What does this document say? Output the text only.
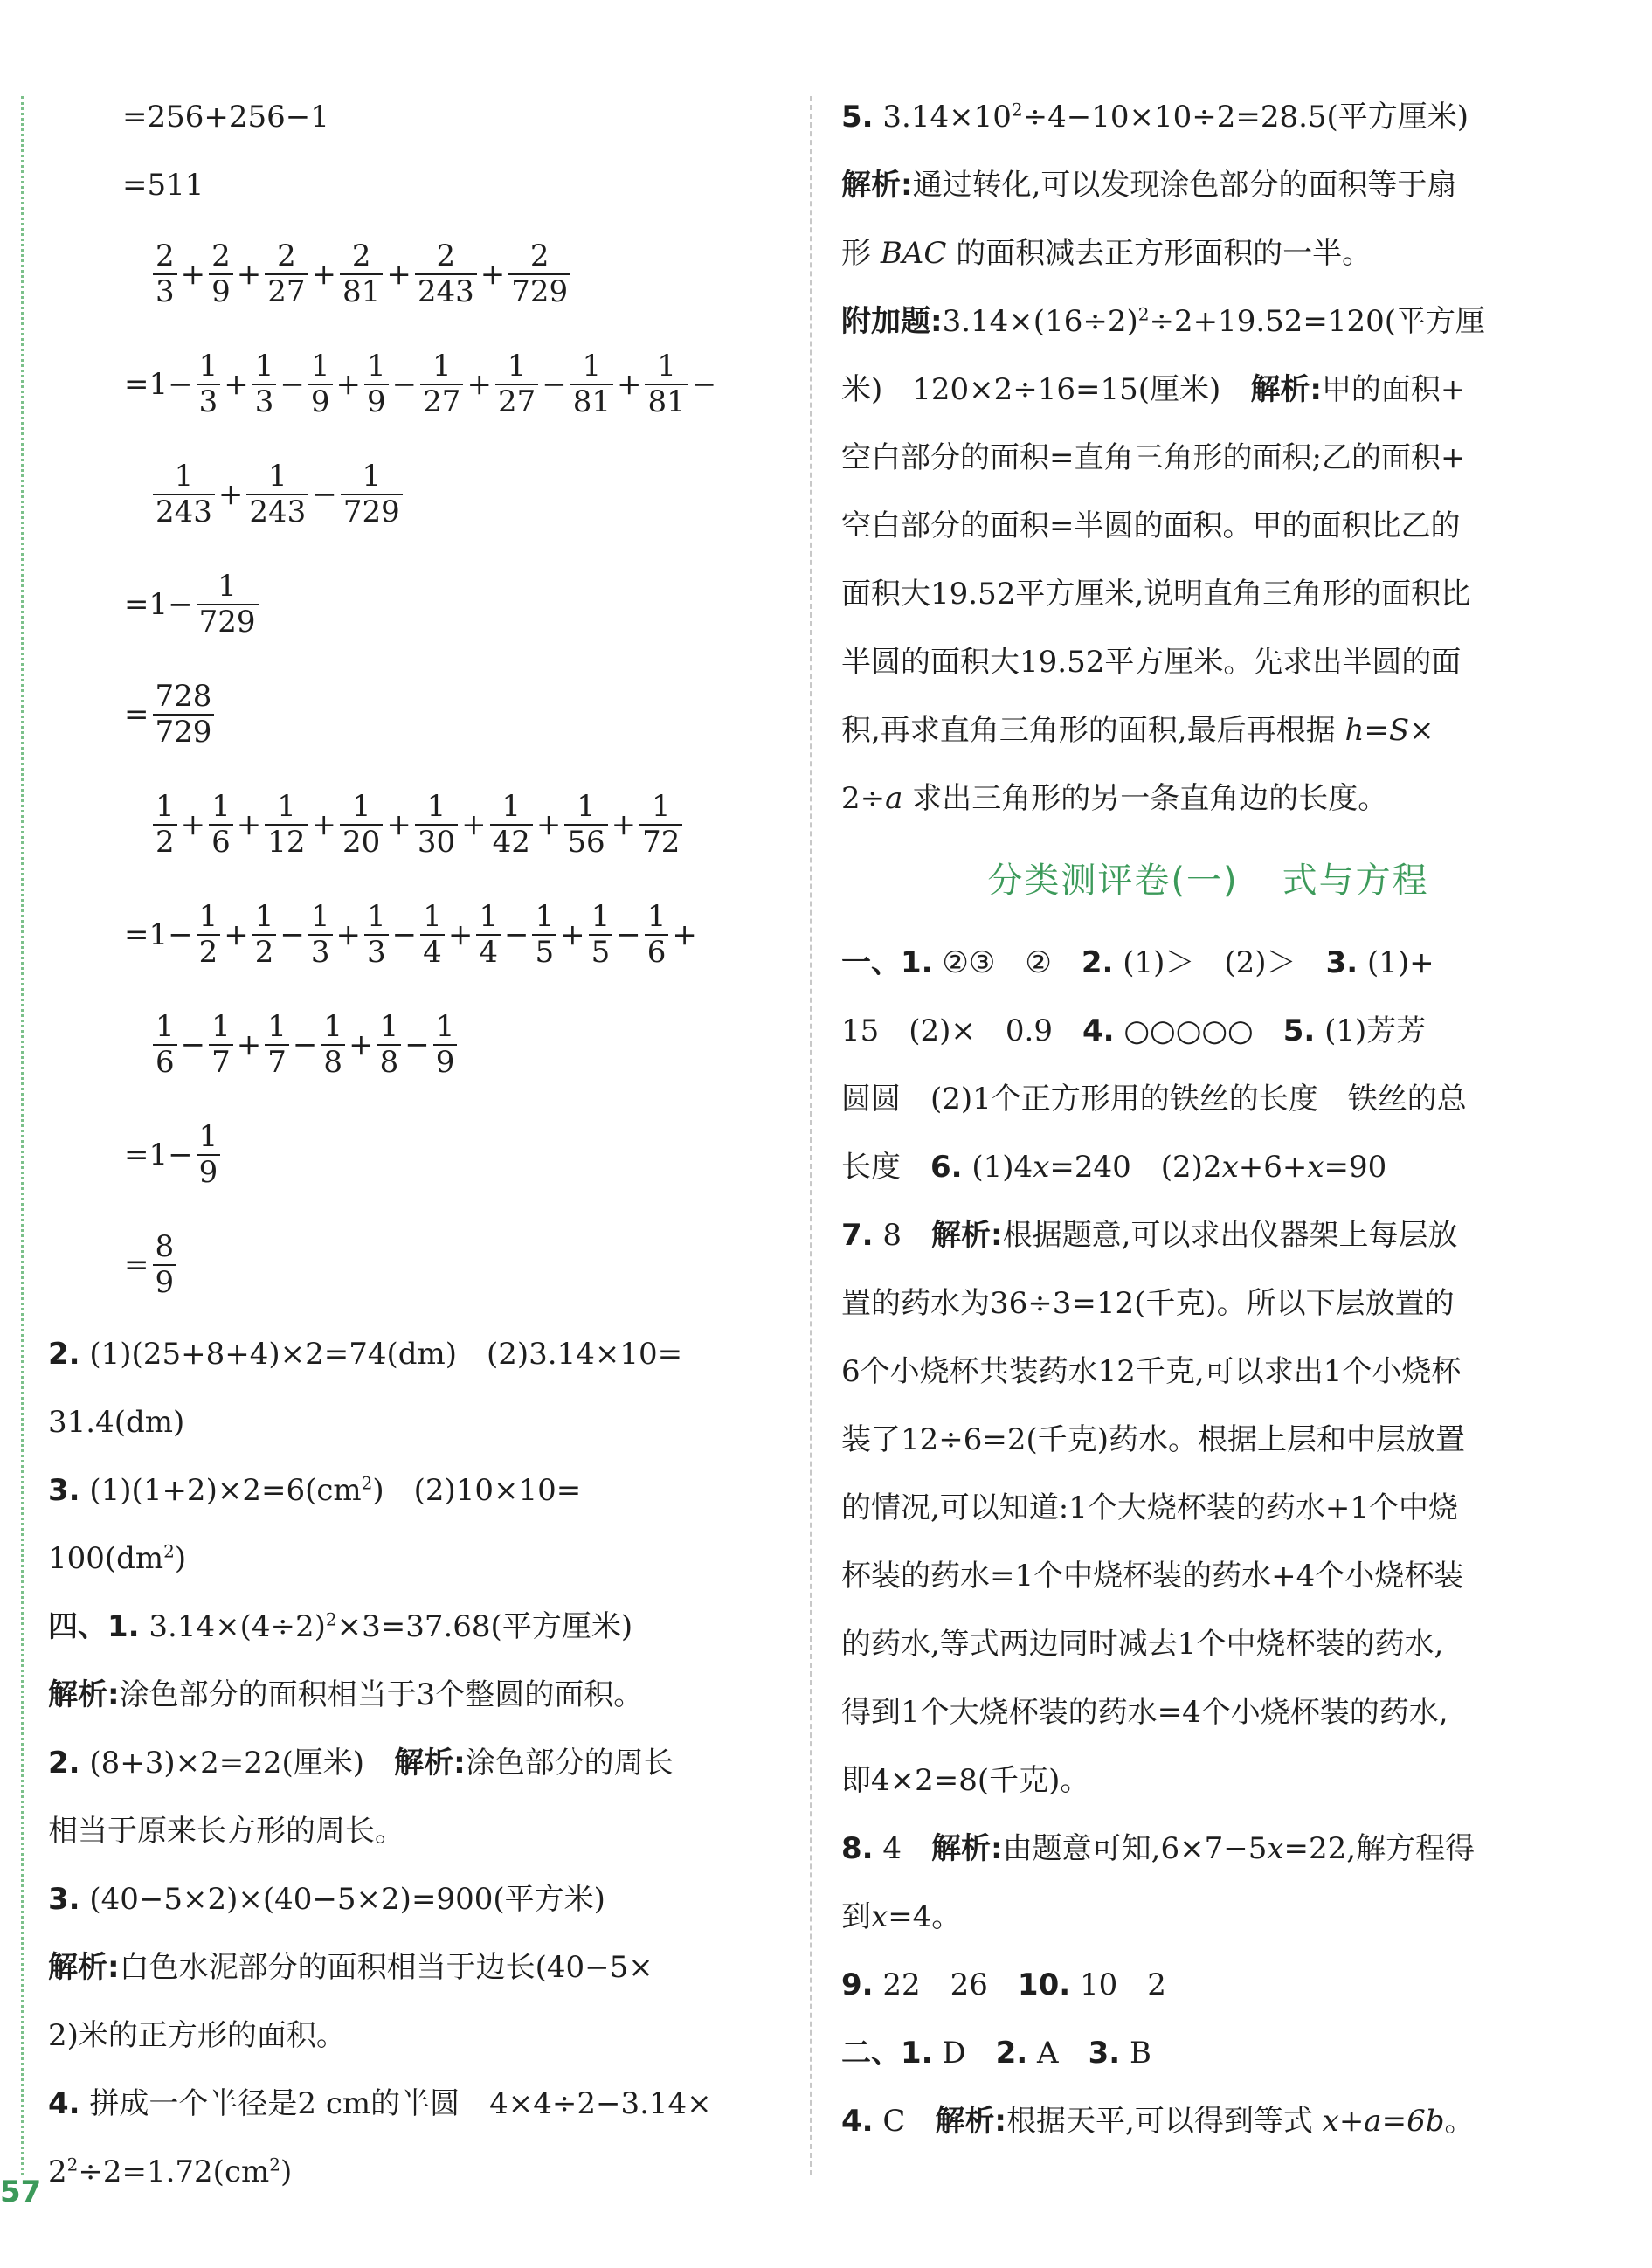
=256+256−1
=511
$\frac{2}{3} + \frac{2}{9} + \frac{2}{27} + \frac{2}{81} + \frac{2}{243} + \frac{2}{729}$
$=1- \frac{1}{3} + \frac{1}{3} - \frac{1}{9} + \frac{1}{9} - \frac{1}{27} + \frac{1}{27} - \frac{1}{81} + \frac{1}{81}$ −
$\frac{1}{243} + \frac{1}{243} - \frac{1}{729}$
$=1- \frac{1}{729}$
= $\frac{728}{729}$
$\frac{1}{2} + \frac{1}{6} + \frac{1}{12} + \frac{1}{20} + \frac{1}{30} + \frac{1}{42} + \frac{1}{56} + \frac{1}{72}$
$=1- \frac{1}{2} + \frac{1}{2} - \frac{1}{3} + \frac{1}{3} - \frac{1}{4} + \frac{1}{4} - \frac{1}{5} + \frac{1}{5} - \frac{1}{6}$ +
$\frac{1}{6} - \frac{1}{7} + \frac{1}{7} - \frac{1}{8} + \frac{1}{8} - \frac{1}{9}$
$=1- \frac{1}{9}$
= $\frac{8}{9}$
2. (1)(25+8+4)×2=74(dm)　(2)3.14×10=
31.4(dm)
3. $(1)(1+2)\times 2=6(cm^2)$　(2)10×10=
$100(dm^2)$
四、1. $3.14\times(4\div 2)^2\times 3=37.68$(平方厘米)
解析:涂色部分的面积相当于3个整圆的面积。
2. (8+3)×2=22(厘米)　解析:涂色部分的周长
相当于原来长方形的周长。
3. (40−5×2)×(40−5×2)=900(平方米)
解析:白色水泥部分的面积相当于边长(40−5×
2)米的正方形的面积。
4. 拼成一个半径是2 cm的半圆　4×4÷2−3.14×
$2^2\div 2=1.72(cm^2)$
5. $3.14\times 10^2\div 4-10\times 10\div 2=28.5$(平方厘米)
解析:通过转化,可以发现涂色部分的面积等于扇
形 BAC 的面积减去正方形面积的一半。
附加题$:3.14\times(16\div 2)^2\div 2+19.52=120$(平方厘
米)　120×2÷16=15(厘米)　解析:甲的面积+
空白部分的面积=直角三角形的面积;乙的面积+
空白部分的面积=半圆的面积。甲的面积比乙的
面积大19.52平方厘米,说明直角三角形的面积比
半圆的面积大19.52平方厘米。先求出半圆的面
积,再求直角三角形的面积,最后再根据 h=S×
2÷a 求出三角形的另一条直角边的长度。
分类测评卷(一) 式与方程
一、1. ②③　②　2. (1)＞　(2)＞　3. (1)+
15　(2)×　0.9　4. ○○○○○　5. (1)芳芳
圆圆　(2)1个正方形用的铁丝的长度　铁丝的总
长度　6. (1)4x=240　(2)2x+6+x=90
7. 8　解析:根据题意,可以求出仪器架上每层放
置的药水为36÷3=12(千克)。所以下层放置的
6个小烧杯共装药水12千克,可以求出1个小烧杯
装了12÷6=2(千克)药水。根据上层和中层放置
的情况,可以知道:1个大烧杯装的药水+1个中烧
杯装的药水=1个中烧杯装的药水+4个小烧杯装
的药水,等式两边同时减去1个中烧杯装的药水,
得到1个大烧杯装的药水=4个小烧杯装的药水,
即4×2=8(千克)。
8. 4　解析:由题意可知,6×7−5x=22,解方程得
到x=4。
9. 22　26　10. 10　2
二、1. D　2. A　3. B
4. C　解析:根据天平,可以得到等式 x+a=6b。
57
